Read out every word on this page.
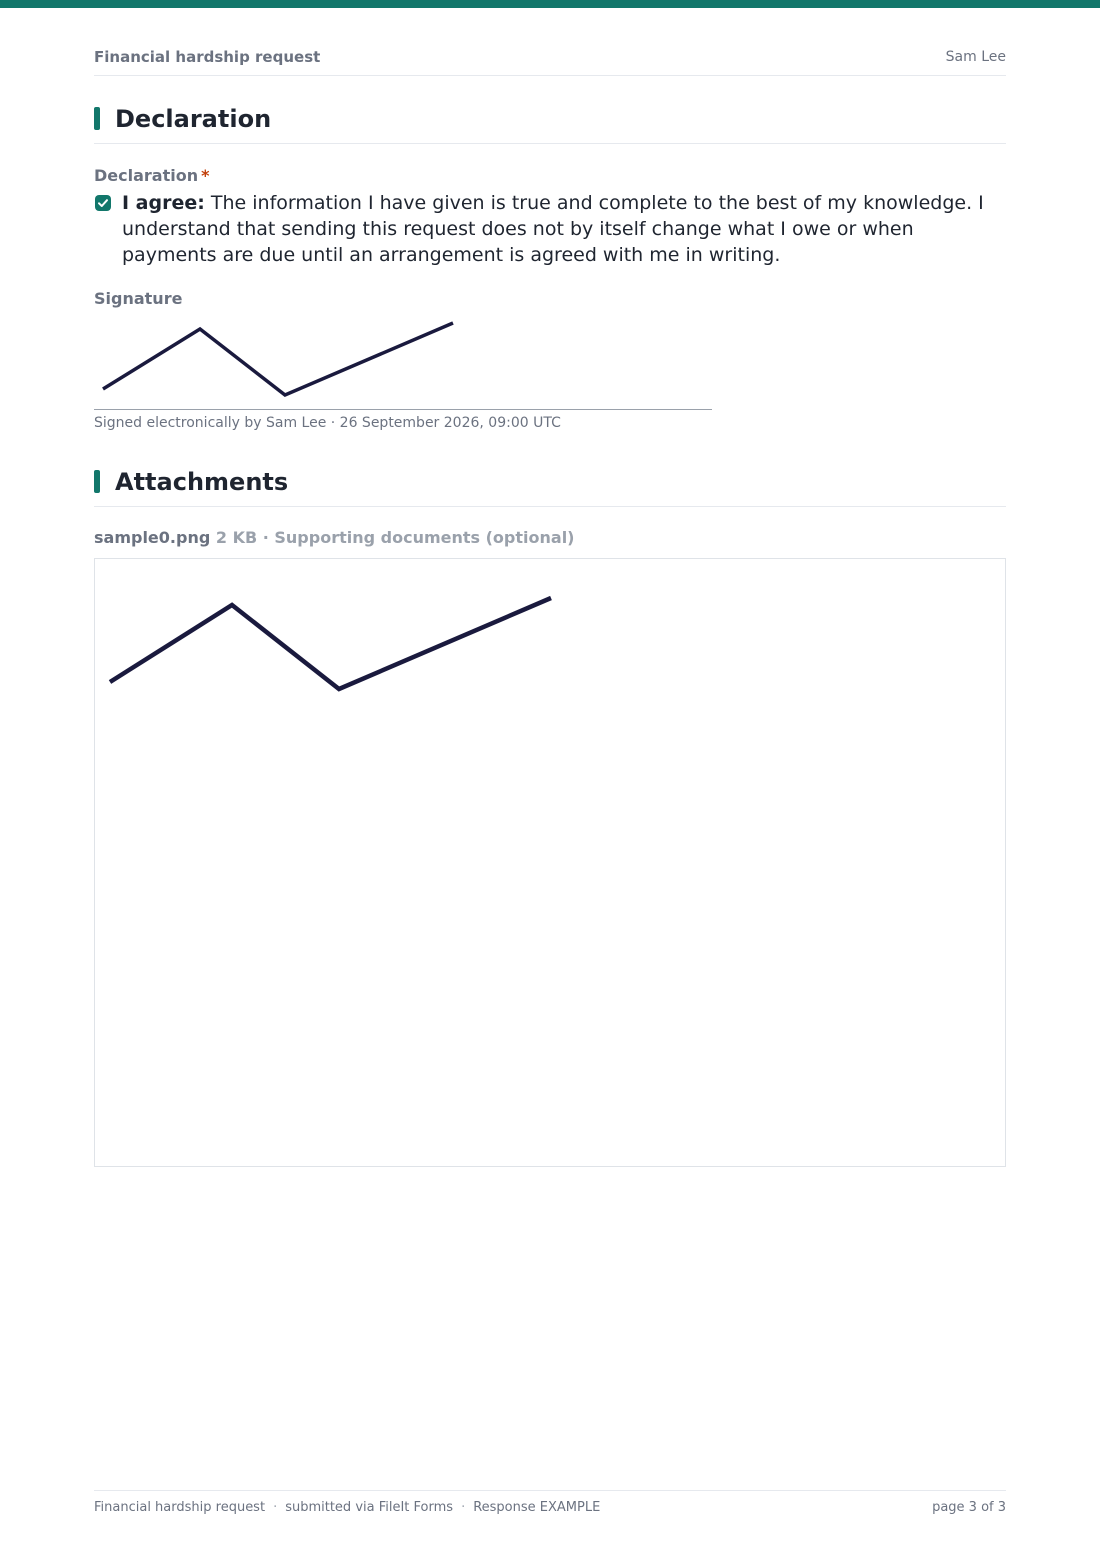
Financial hardship request	Sam Lee
Declaration
Declaration *
I agree: The information I have given is true and complete to the best of my knowledge. I understand that sending this request does not by itself change what I owe or when payments are due until an arrangement is agreed with me in writing.
Signature
Signed electronically by Sam Lee · 26 September 2026, 09:00 UTC
Attachments
sample0.png 2 KB · Supporting documents (optional)
Financial hardship request · submitted via FileIt Forms · Response EXAMPLE	page 3 of 3
